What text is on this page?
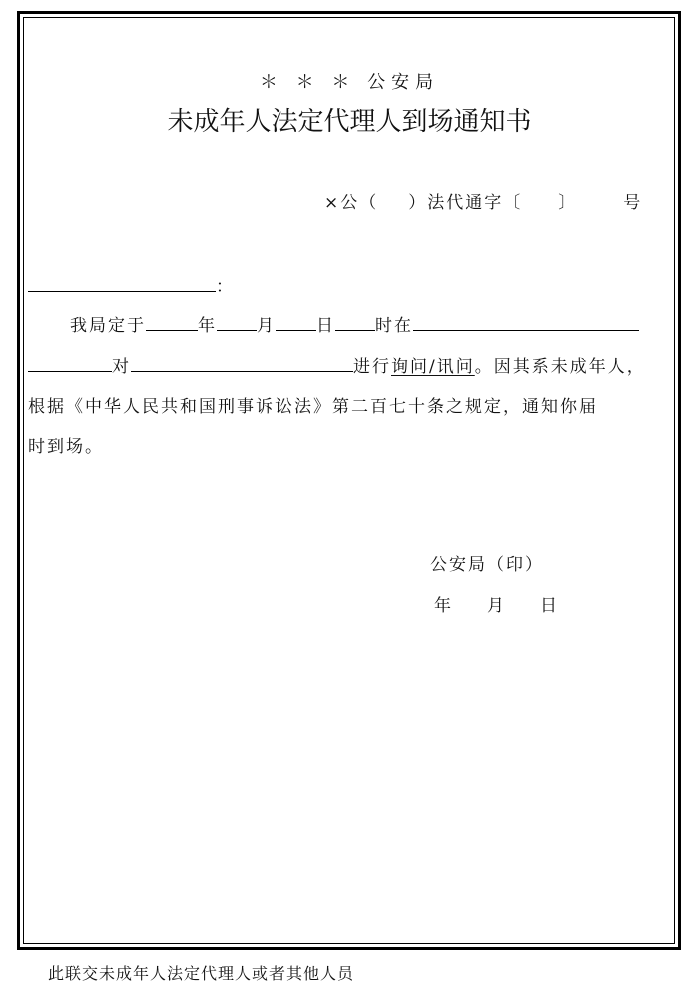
＊ ＊ ＊ 公安局
未成年人法定代理人到场通知书
×公（ ）法代通字〔 〕	号
：
我局定于	年 月 日 时在
对	进行询问/讯问。因其系未成年人，
根据《中华人民共和国刑事诉讼法》第二百七十条之规定，通知你届
时到场。
公安局（印）
年 月 日
此联交未成年人法定代理人或者其他人员
